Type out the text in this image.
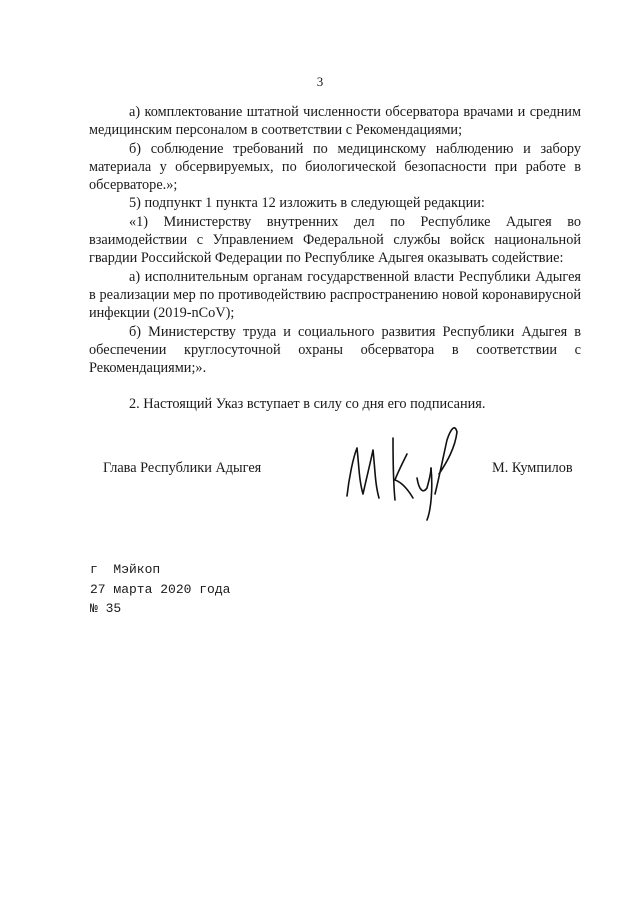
3

а) комплектование штатной численности обсерватора врачами и средним медицинским персоналом в соответствии с Рекомендациями;

б) соблюдение требований по медицинскому наблюдению и забору материала у обсервируемых, по биологической безопасности при работе в обсерваторе.»;

5) подпункт 1 пункта 12 изложить в следующей редакции:

«1) Министерству внутренних дел по Республике Адыгея во взаимодействии с Управлением Федеральной службы войск национальной гвардии Российской Федерации по Республике Адыгея оказывать содействие:

а) исполнительным органам государственной власти Республики Адыгея в реализации мер по противодействию распространению новой коронавирусной инфекции (2019-nCoV);

б) Министерству труда и социального развития Республики Адыгея в обеспечении круглосуточной охраны обсерватора в соответствии с Рекомендациями;».

2. Настоящий Указ вступает в силу со дня его подписания.

Глава Республики Адыгея	М. Кумпилов
г  Мэйкоп
27 марта 2020 года
№ 35
